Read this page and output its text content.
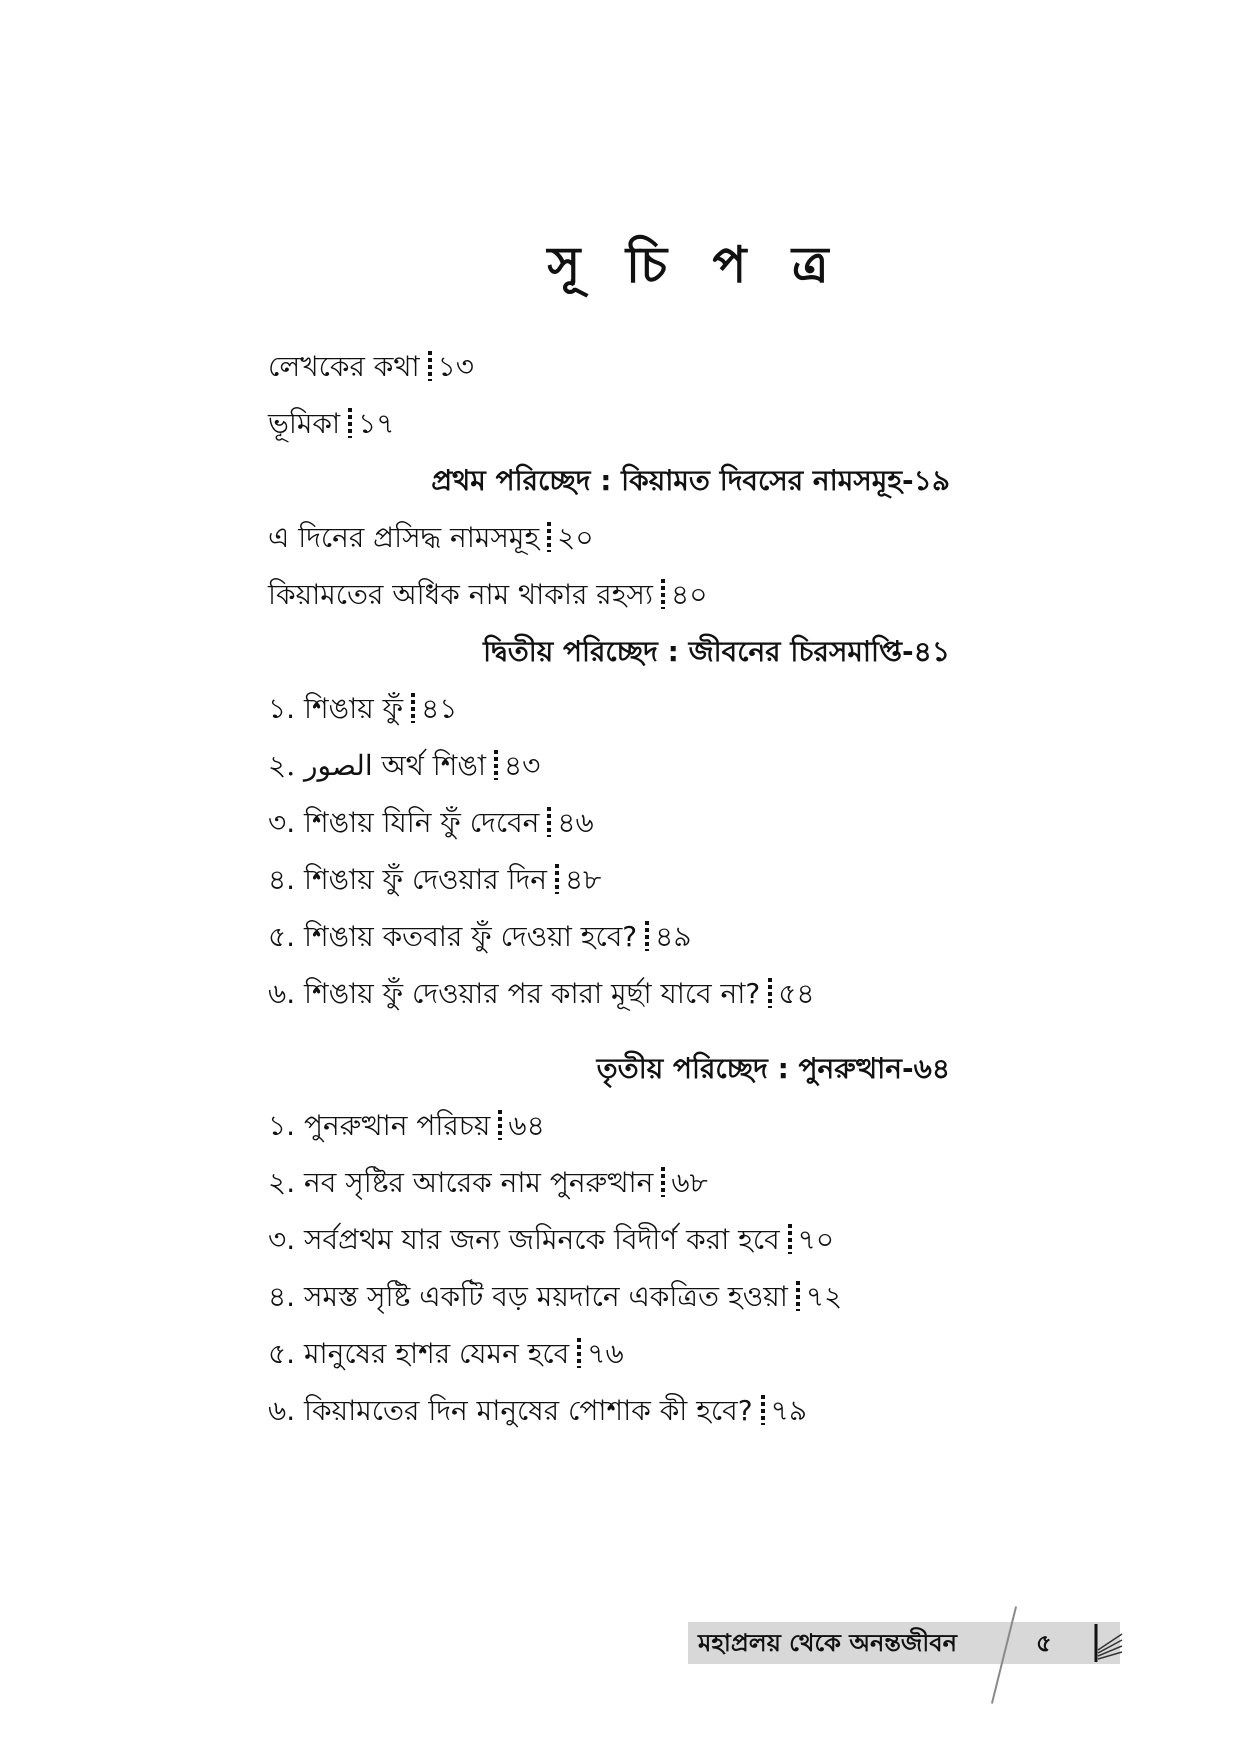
সূ চি প ত্র
লেখকের কথা ১৩
ভূমিকা ১৭
প্রথম পরিচ্ছেদ : কিয়ামত দিবসের নামসমূহ-১৯
এ দিনের প্রসিদ্ধ নামসমূহ ২০
কিয়ামতের অধিক নাম থাকার রহস্য ৪০
দ্বিতীয় পরিচ্ছেদ : জীবনের চিরসমাপ্তি-৪১
১. শিঙায় ফুঁ ৪১
২. الصور অর্থ শিঙা ৪৩
৩. শিঙায় যিনি ফুঁ দেবেন ৪৬
৪. শিঙায় ফুঁ দেওয়ার দিন ৪৮
৫. শিঙায় কতবার ফুঁ দেওয়া হবে? ৪৯
৬. শিঙায় ফুঁ দেওয়ার পর কারা মূর্ছা যাবে না? ৫৪
তৃতীয় পরিচ্ছেদ : পুনরুত্থান-৬৪
১. পুনরুত্থান পরিচয় ৬৪
২. নব সৃষ্টির আরেক নাম পুনরুত্থান ৬৮
৩. সর্বপ্রথম যার জন্য জমিনকে বিদীর্ণ করা হবে ৭০
৪. সমস্ত সৃষ্টি একটি বড় ময়দানে একত্রিত হওয়া ৭২
৫. মানুষের হাশর যেমন হবে ৭৬
৬. কিয়ামতের দিন মানুষের পোশাক কী হবে? ৭৯
মহাপ্রলয় থেকে অনন্তজীবন	৫
